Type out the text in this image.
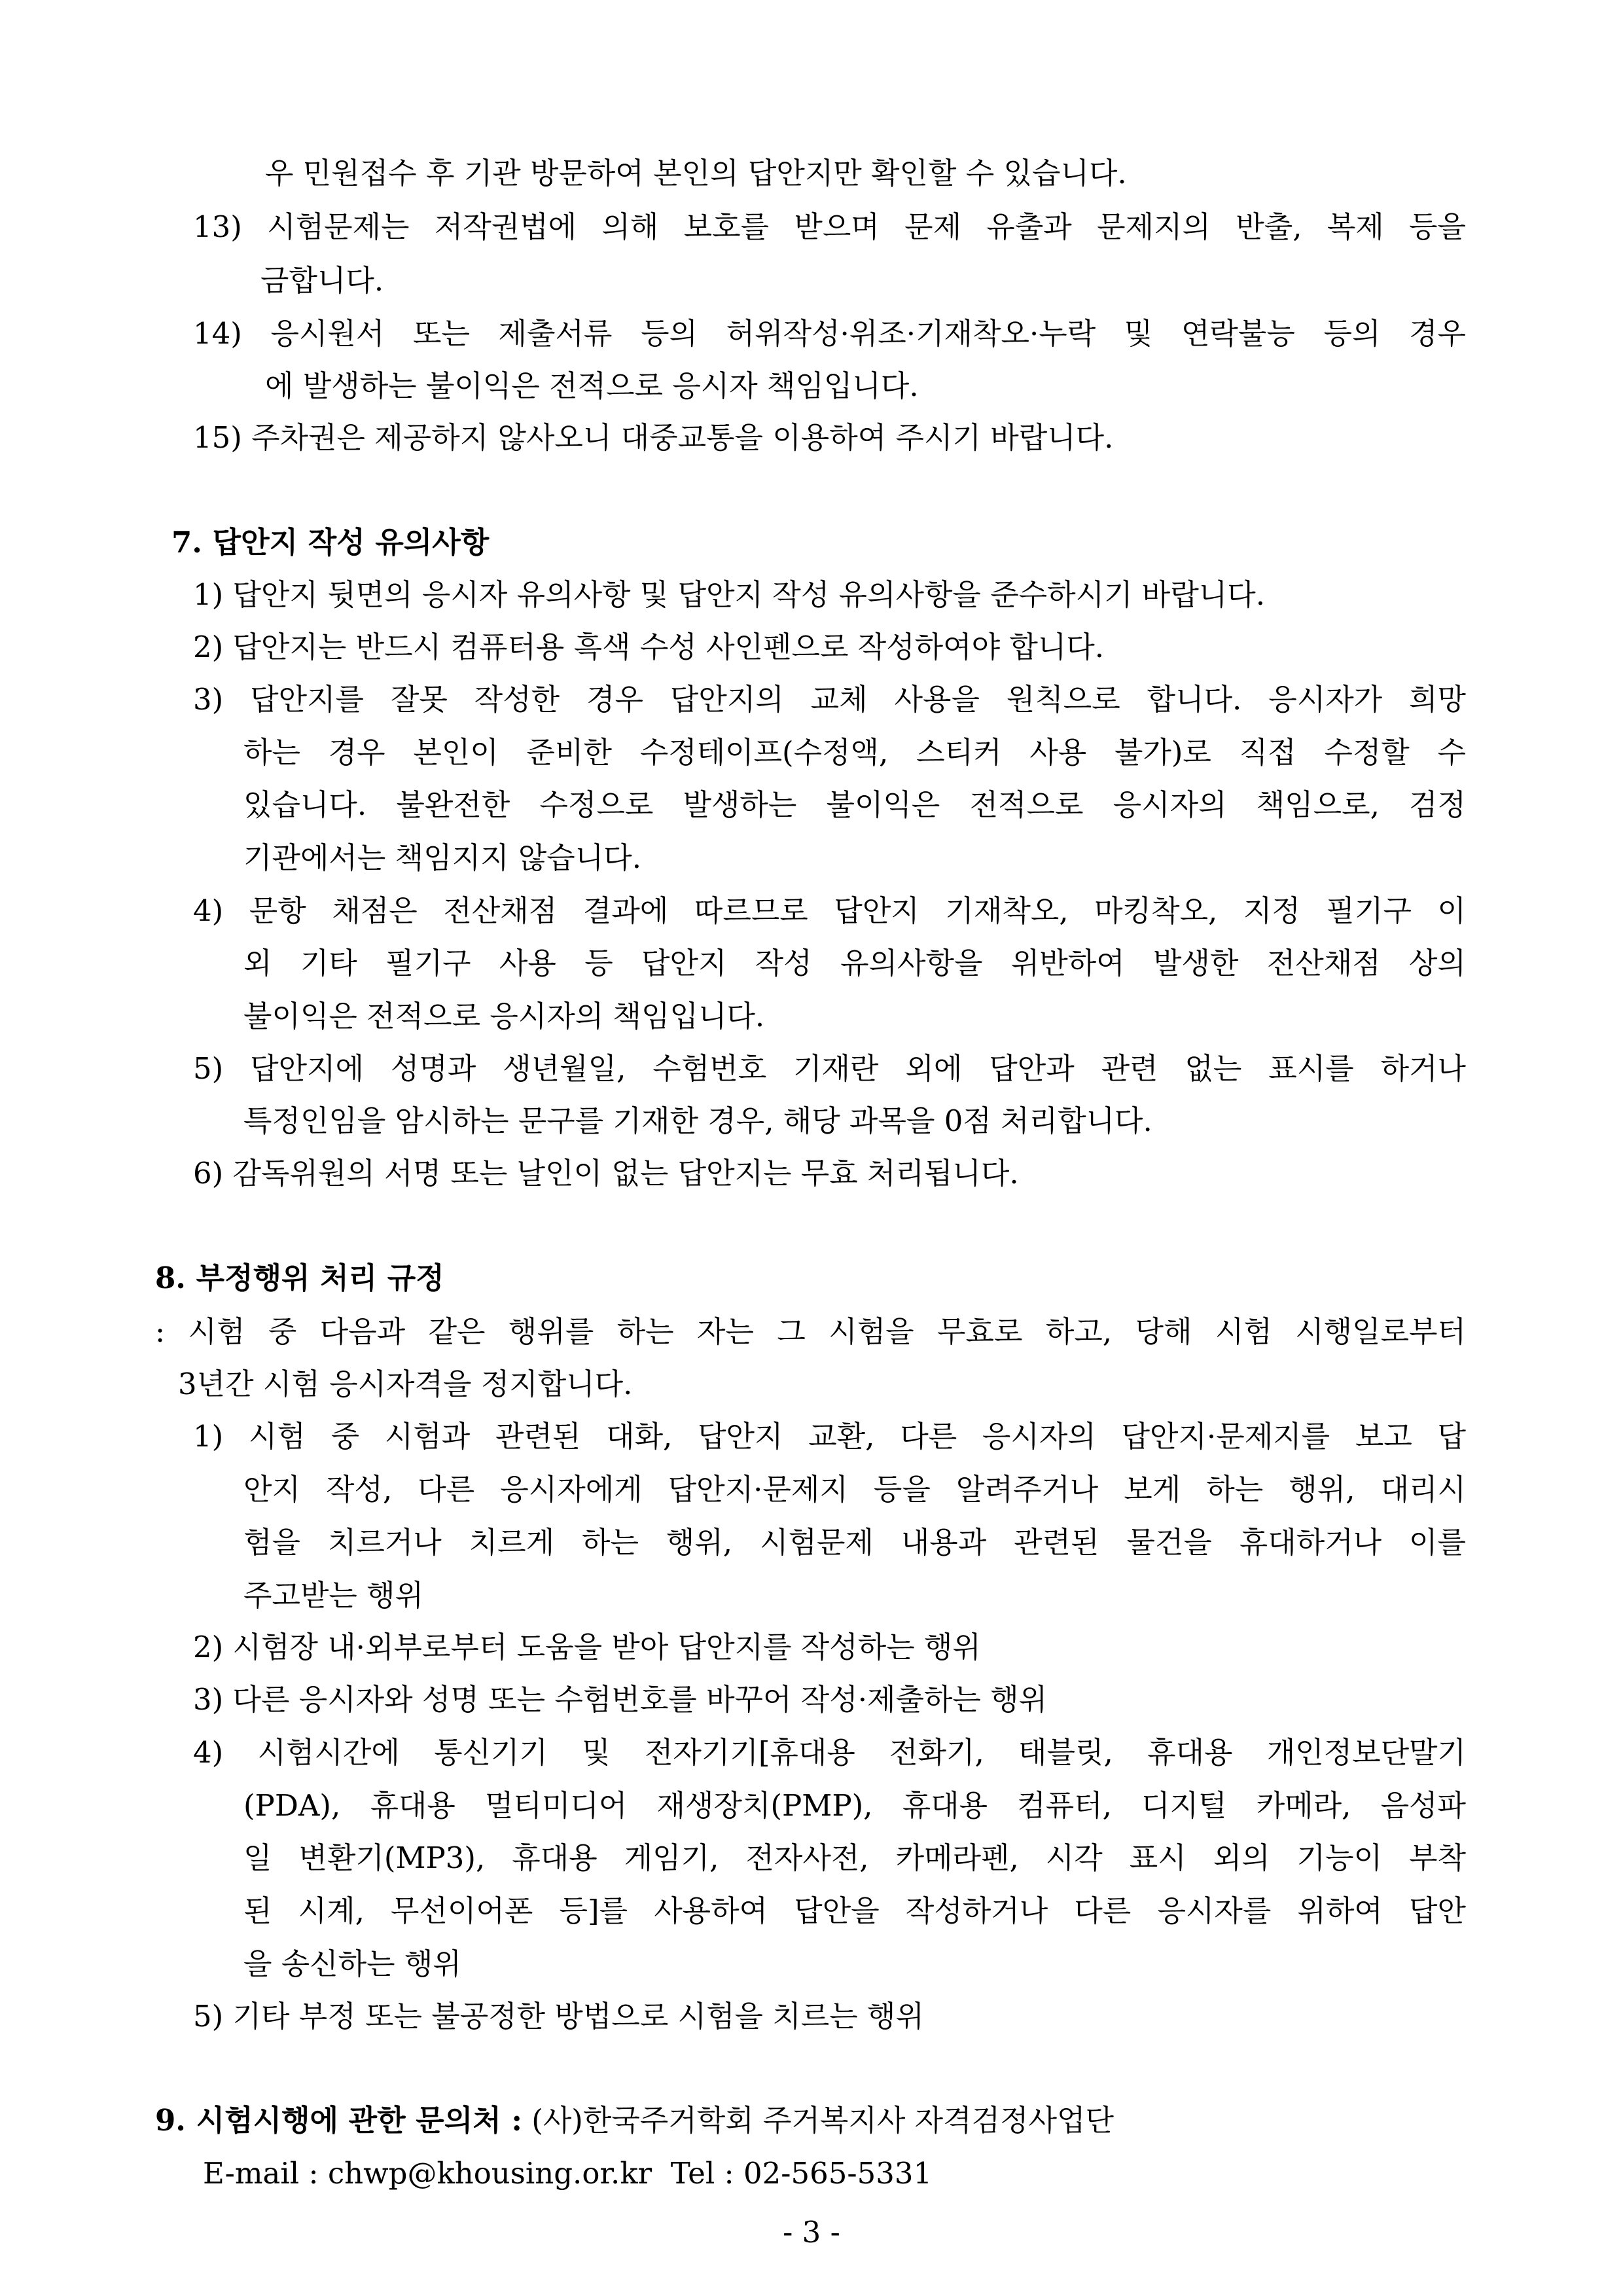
우 민원접수 후 기관 방문하여 본인의 답안지만 확인할 수 있습니다.
13) 시험문제는 저작권법에 의해 보호를 받으며 문제 유출과 문제지의 반출, 복제 등을
금합니다.
14) 응시원서 또는 제출서류 등의 허위작성·위조·기재착오·누락 및 연락불능 등의 경우
에 발생하는 불이익은 전적으로 응시자 책임입니다.
15) 주차권은 제공하지 않사오니 대중교통을 이용하여 주시기 바랍니다.
7. 답안지 작성 유의사항
1) 답안지 뒷면의 응시자 유의사항 및 답안지 작성 유의사항을 준수하시기 바랍니다.
2) 답안지는 반드시 컴퓨터용 흑색 수성 사인펜으로 작성하여야 합니다.
3) 답안지를 잘못 작성한 경우 답안지의 교체 사용을 원칙으로 합니다. 응시자가 희망
하는 경우 본인이 준비한 수정테이프(수정액, 스티커 사용 불가)로 직접 수정할 수
있습니다. 불완전한 수정으로 발생하는 불이익은 전적으로 응시자의 책임으로, 검정
기관에서는 책임지지 않습니다.
4) 문항 채점은 전산채점 결과에 따르므로 답안지 기재착오, 마킹착오, 지정 필기구 이
외 기타 필기구 사용 등 답안지 작성 유의사항을 위반하여 발생한 전산채점 상의
불이익은 전적으로 응시자의 책임입니다.
5) 답안지에 성명과 생년월일, 수험번호 기재란 외에 답안과 관련 없는 표시를 하거나
특정인임을 암시하는 문구를 기재한 경우, 해당 과목을 0점 처리합니다.
6) 감독위원의 서명 또는 날인이 없는 답안지는 무효 처리됩니다.
8. 부정행위 처리 규정
: 시험 중 다음과 같은 행위를 하는 자는 그 시험을 무효로 하고, 당해 시험 시행일로부터
3년간 시험 응시자격을 정지합니다.
1) 시험 중 시험과 관련된 대화, 답안지 교환, 다른 응시자의 답안지·문제지를 보고 답
안지 작성, 다른 응시자에게 답안지·문제지 등을 알려주거나 보게 하는 행위, 대리시
험을 치르거나 치르게 하는 행위, 시험문제 내용과 관련된 물건을 휴대하거나 이를
주고받는 행위
2) 시험장 내·외부로부터 도움을 받아 답안지를 작성하는 행위
3) 다른 응시자와 성명 또는 수험번호를 바꾸어 작성·제출하는 행위
4) 시험시간에 통신기기 및 전자기기[휴대용 전화기, 태블릿, 휴대용 개인정보단말기
(PDA), 휴대용 멀티미디어 재생장치(PMP), 휴대용 컴퓨터, 디지털 카메라, 음성파
일 변환기(MP3), 휴대용 게임기, 전자사전, 카메라펜, 시각 표시 외의 기능이 부착
된 시계, 무선이어폰 등]를 사용하여 답안을 작성하거나 다른 응시자를 위하여 답안
을 송신하는 행위
5) 기타 부정 또는 불공정한 방법으로 시험을 치르는 행위
9. 시험시행에 관한 문의처 : (사)한국주거학회 주거복지사 자격검정사업단
E-mail : chwp@khousing.or.kr  Tel : 02-565-5331
- 3 -
